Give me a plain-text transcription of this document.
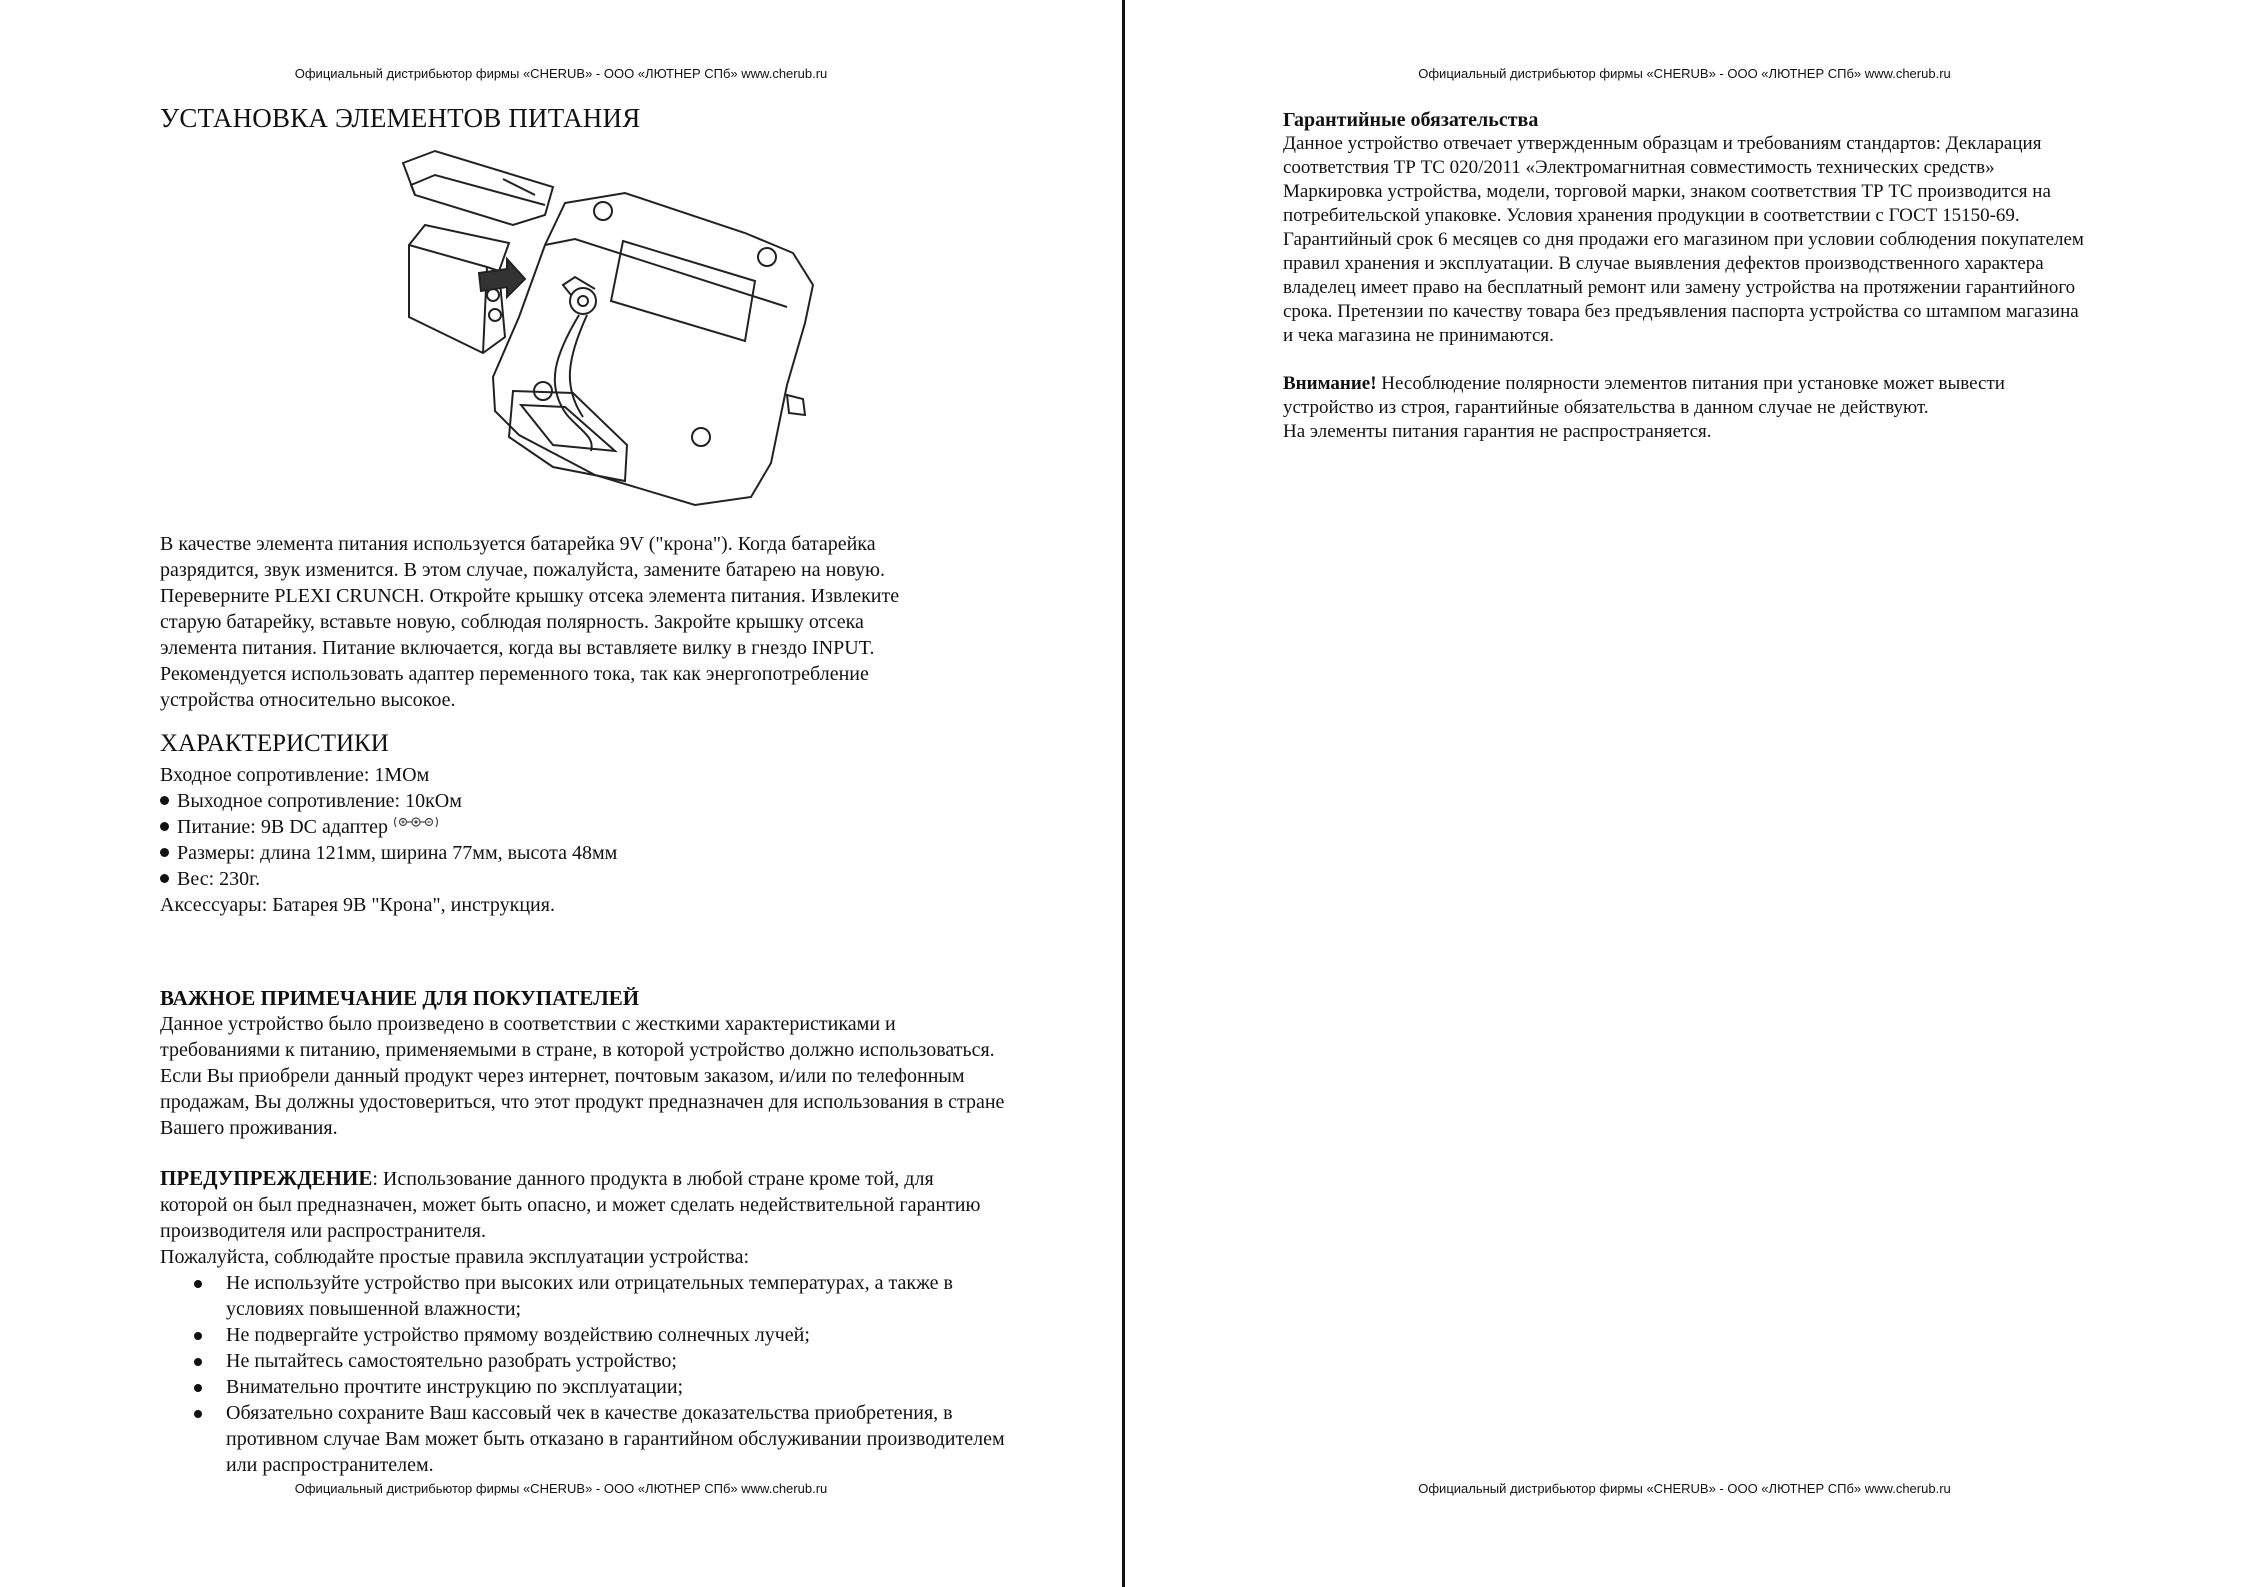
Официальный дистрибьютор фирмы «CHERUB» - ООО «ЛЮТНЕР СПб» www.cherub.ru
УСТАНОВКА ЭЛЕМЕНТОВ ПИТАНИЯ
В качестве элемента питания используется батарейка 9V ("крона"). Когда батарейка
разрядится, звук изменится. В этом случае, пожалуйста, замените батарею на новую.
Переверните PLEXI CRUNCH. Откройте крышку отсека элемента питания. Извлеките
старую батарейку, вставьте новую, соблюдая полярность. Закройте крышку отсека
элемента питания. Питание включается, когда вы вставляете вилку в гнездо INPUT.
Рекомендуется использовать адаптер переменного тока, так как энергопотребление
устройства относительно высокое.
ХАРАКТЕРИСТИКИ
Входное сопротивление: 1МОм
Выходное сопротивление: 10кОм
Питание: 9В DC адаптер
Размеры: длина 121мм, ширина 77мм, высота 48мм
Вес: 230г.
Аксессуары: Батарея 9В "Крона", инструкция.
ВАЖНОЕ ПРИМЕЧАНИЕ ДЛЯ ПОКУПАТЕЛЕЙ
Данное устройство было произведено в соответствии с жесткими характеристиками и
требованиями к питанию, применяемыми в стране, в которой устройство должно использоваться.
Если Вы приобрели данный продукт через интернет, почтовым заказом, и/или по телефонным
продажам, Вы должны удостовериться, что этот продукт предназначен для использования в стране
Вашего проживания.
ПРЕДУПРЕЖДЕНИЕ: Использование данного продукта в любой стране кроме той, для
которой он был предназначен, может быть опасно, и может сделать недействительной гарантию
производителя или распространителя.
Пожалуйста, соблюдайте простые правила эксплуатации устройства:
Не используйте устройство при высоких или отрицательных температурах, а также в
условиях повышенной влажности;
Не подвергайте устройство прямому воздействию солнечных лучей;
Не пытайтесь самостоятельно разобрать устройство;
Внимательно прочтите инструкцию по эксплуатации;
Обязательно сохраните Ваш кассовый чек в качестве доказательства приобретения, в
противном случае Вам может быть отказано в гарантийном обслуживании производителем
или распространителем.
Официальный дистрибьютор фирмы «CHERUB» - ООО «ЛЮТНЕР СПб» www.cherub.ru
Официальный дистрибьютор фирмы «CHERUB» - ООО «ЛЮТНЕР СПб» www.cherub.ru
Официальный дистрибьютор фирмы «CHERUB» - ООО «ЛЮТНЕР СПб» www.cherub.ru
Гарантийные обязательства
Данное устройство отвечает утвержденным образцам и требованиям стандартов: Декларация
соответствия ТР ТС 020/2011 «Электромагнитная совместимость технических средств»
Маркировка устройства, модели, торговой марки, знаком соответствия ТР ТС производится на
потребительской упаковке. Условия хранения продукции в соответствии с ГОСТ 15150-69.
Гарантийный срок 6 месяцев со дня продажи его магазином при условии соблюдения покупателем
правил хранения и эксплуатации. В случае выявления дефектов производственного характера
владелец имеет право на бесплатный ремонт или замену устройства на протяжении гарантийного
срока. Претензии по качеству товара без предъявления паспорта устройства со штампом магазина
и чека магазина не принимаются.
Внимание! Несоблюдение полярности элементов питания при установке может вывести
устройство из строя, гарантийные обязательства в данном случае не действуют.
На элементы питания гарантия не распространяется.
